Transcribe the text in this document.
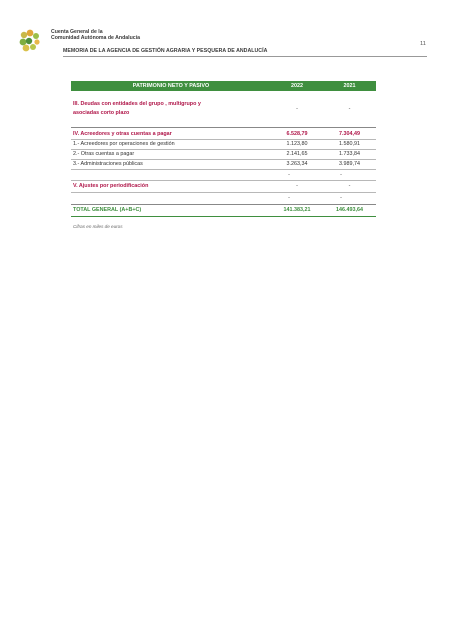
Cuenta General de la
Comunidad Autónoma de Andalucía
MEMORIA DE LA AGENCIA DE GESTIÓN AGRARIA Y PESQUERA DE ANDALUCÍA
11
PATRIMONIO NETO Y PASIVO	2022	2021
III. Deudas con entidades del grupo , multigrupo y
asociadas corto plazo
-	-
IV. Acreedores y otras cuentas a pagar	6.528,79	7.304,49
1.- Acreedores por operaciones de gestión	1.123,80	1.580,91
2.- Otras cuentas a pagar	2.141,65	1.733,84
3.- Administraciones públicas	3.263,34	3.989,74
-	-
V. Ajustes por periodificación	-	-
-	-
TOTAL GENERAL (A+B+C)	141.383,21	146.493,64
Cifras en miles de euros
